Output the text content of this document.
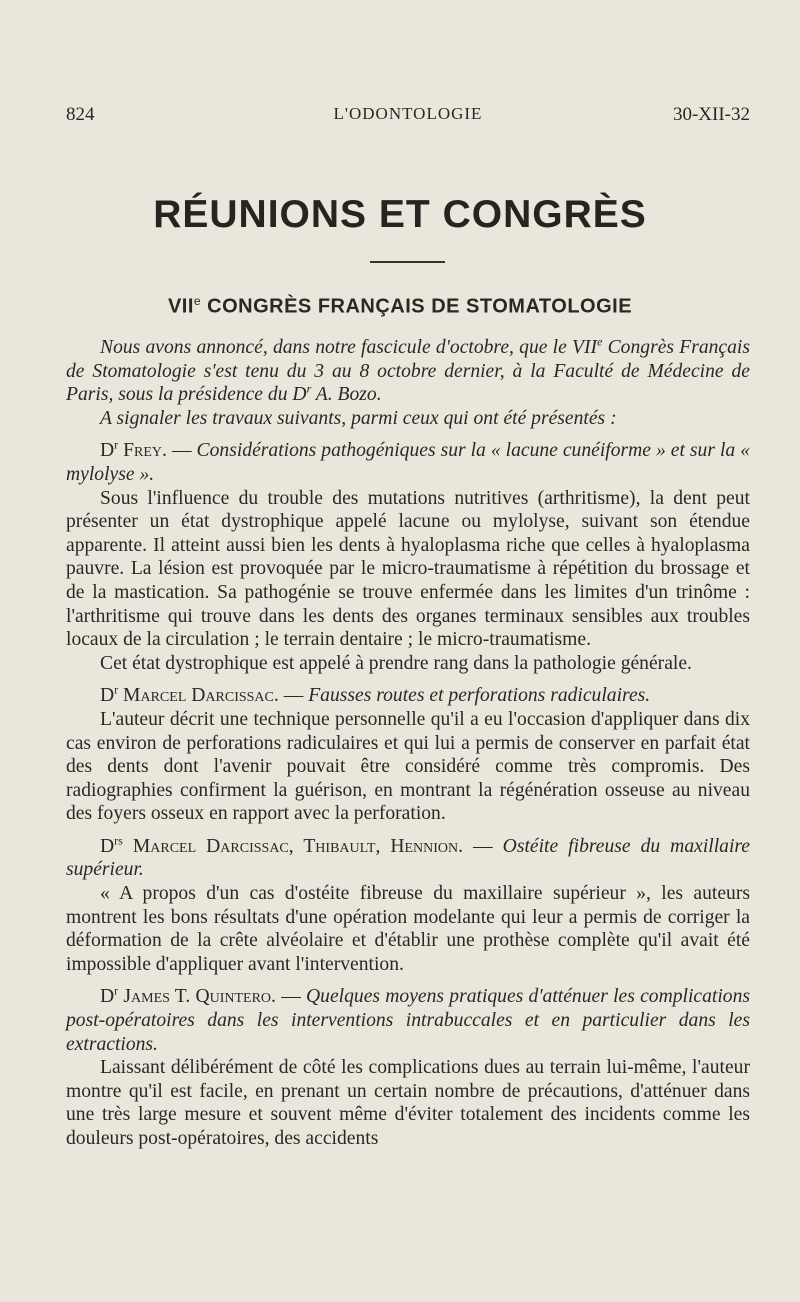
824	L'ODONTOLOGIE	30-XII-32
RÉUNIONS ET CONGRÈS
VIIe CONGRÈS FRANÇAIS DE STOMATOLOGIE

Nous avons annoncé, dans notre fascicule d'octobre, que le VIIe Congrès Français de Stomatologie s'est tenu du 3 au 8 octobre dernier, à la Faculté de Médecine de Paris, sous la présidence du $D^r$ A. Bozo.

A signaler les travaux suivants, parmi ceux qui ont été présentés :

$D^r$ Frey. — Considérations pathogéniques sur la « lacune cunéiforme » et sur la « mylolyse ».

Sous l'influence du trouble des mutations nutritives (arthritisme), la dent peut présenter un état dystrophique appelé lacune ou mylolyse, suivant son étendue apparente. Il atteint aussi bien les dents à hyaloplasma riche que celles à hyaloplasma pauvre. La lésion est provoquée par le micro-traumatisme à répétition du brossage et de la mastication. Sa pathogénie se trouve enfermée dans les limites d'un trinôme : l'arthritisme qui trouve dans les dents des organes terminaux sensibles aux troubles locaux de la circulation ; le terrain dentaire ; le micro-traumatisme.

Cet état dystrophique est appelé à prendre rang dans la pathologie générale.

$D^r$ Marcel Darcissac. — Fausses routes et perforations radiculaires.

L'auteur décrit une technique personnelle qu'il a eu l'occasion d'appliquer dans dix cas environ de perforations radiculaires et qui lui a permis de conserver en parfait état des dents dont l'avenir pouvait être considéré comme très compromis. Des radiographies confirment la guérison, en montrant la régénération osseuse au niveau des foyers osseux en rapport avec la perforation.

$D^{rs}$ Marcel Darcissac, Thibault, Hennion. — Ostéite fibreuse du maxillaire supérieur.

« A propos d'un cas d'ostéite fibreuse du maxillaire supérieur », les auteurs montrent les bons résultats d'une opération modelante qui leur a permis de corriger la déformation de la crête alvéolaire et d'établir une prothèse complète qu'il avait été impossible d'appliquer avant l'intervention.

$D^r$ James T. Quintero. — Quelques moyens pratiques d'atténuer les complications post-opératoires dans les interventions intrabuccales et en particulier dans les extractions.

Laissant délibérément de côté les complications dues au terrain lui-même, l'auteur montre qu'il est facile, en prenant un certain nombre de précautions, d'atténuer dans une très large mesure et souvent même d'éviter totalement des incidents comme les douleurs post-opératoires, des accidents
